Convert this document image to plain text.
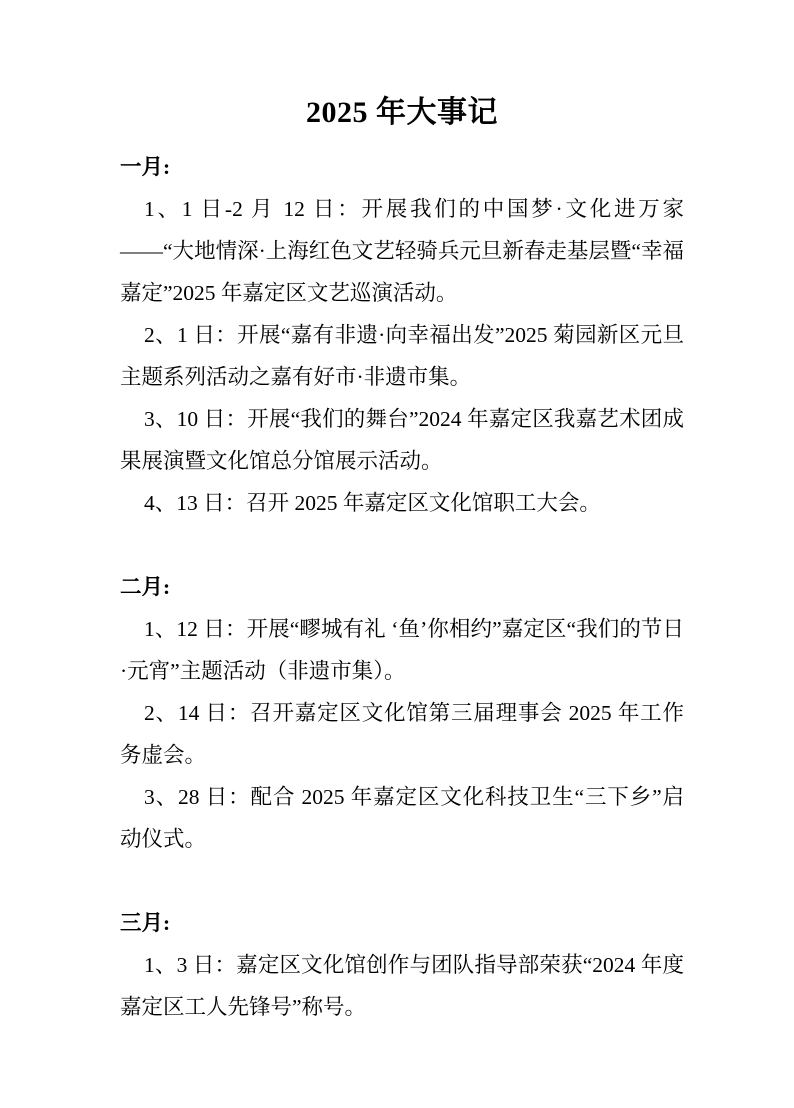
2025 年大事记

一月:

1、1 日-2 月 12 日：开展我们的中国梦·文化进万家——“大地情深·上海红色文艺轻骑兵元旦新春走基层暨“幸福嘉定”2025 年嘉定区文艺巡演活动。

2、1 日：开展“嘉有非遗·向幸福出发”2025 菊园新区元旦主题系列活动之嘉有好市·非遗市集。

3、10 日：开展“我们的舞台”2024 年嘉定区我嘉艺术团成果展演暨文化馆总分馆展示活动。

4、13 日：召开 2025 年嘉定区文化馆职工大会。

二月:

1、12 日：开展“疁城有礼 ‘鱼’你相约”嘉定区“我们的节日·元宵”主题活动（非遗市集）。

2、14 日：召开嘉定区文化馆第三届理事会 2025 年工作务虚会。

3、28 日：配合 2025 年嘉定区文化科技卫生“三下乡”启动仪式。

三月:

1、3 日：嘉定区文化馆创作与团队指导部荣获“2024 年度嘉定区工人先锋号”称号。
